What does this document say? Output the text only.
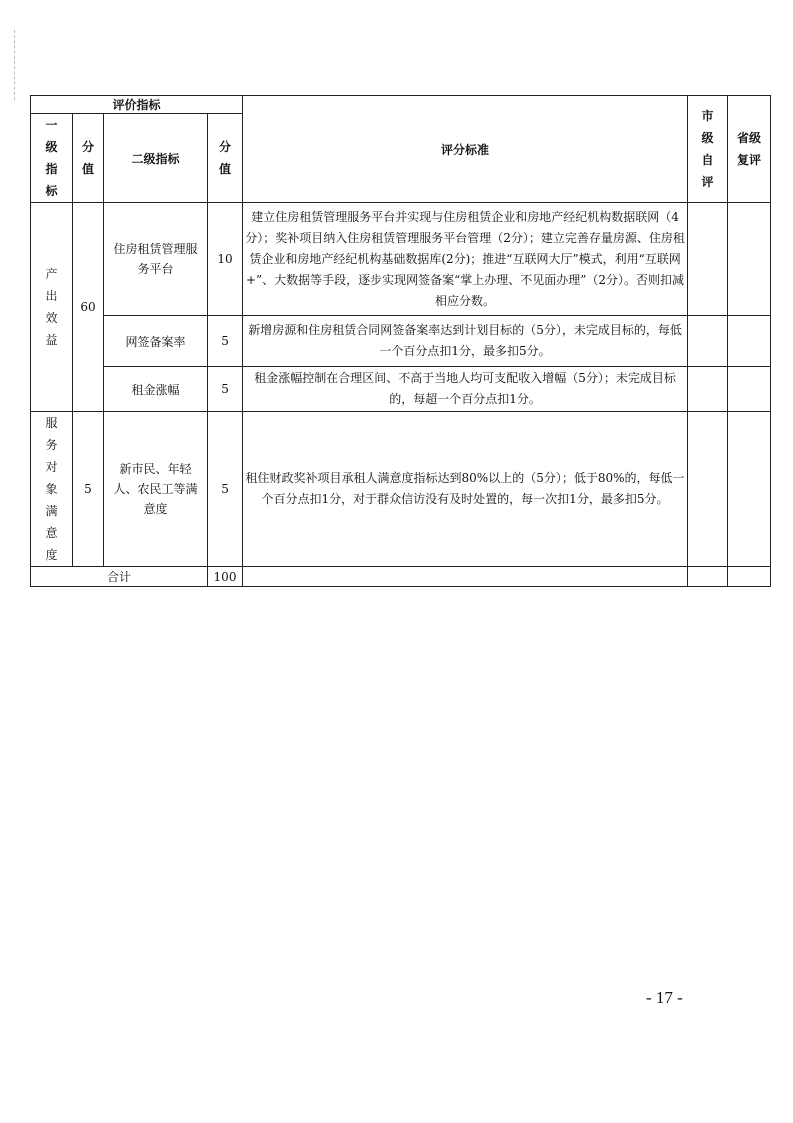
评价指标				评分标准	市级自评	省级复评

一级指标	分值	二级指标	分值			

产出效益	60	住房租赁管理服务平台	10	建立住房租赁管理服务平台并实现与住房租赁企业和房地产经纪机构数据联网（4分）；奖补项目纳入住房租赁管理服务平台管理（2分）；建立完善存量房源、住房租赁企业和房地产经纪机构基础数据库(2分)；推进“互联网大厅”模式，利用“互联网+”、大数据等手段，逐步实现网签备案“掌上办理、不见面办理”（2分）。否则扣减相应分数。		
		网签备案率	5	新增房源和住房租赁合同网签备案率达到计划目标的（5分），未完成目标的，每低一个百分点扣1分，最多扣5分。		
		租金涨幅	5	租金涨幅控制在合理区间、不高于当地人均可支配收入增幅（5分）；未完成目标的，每超一个百分点扣1分。		

服务对象满意度	5	新市民、年轻人、农民工等满意度	5	租住财政奖补项目承租人满意度指标达到80%以上的（5分）；低于80%的，每低一个百分点扣1分，对于群众信访没有及时处置的，每一次扣1分，最多扣5分。		
合计			100			
- 17 -
